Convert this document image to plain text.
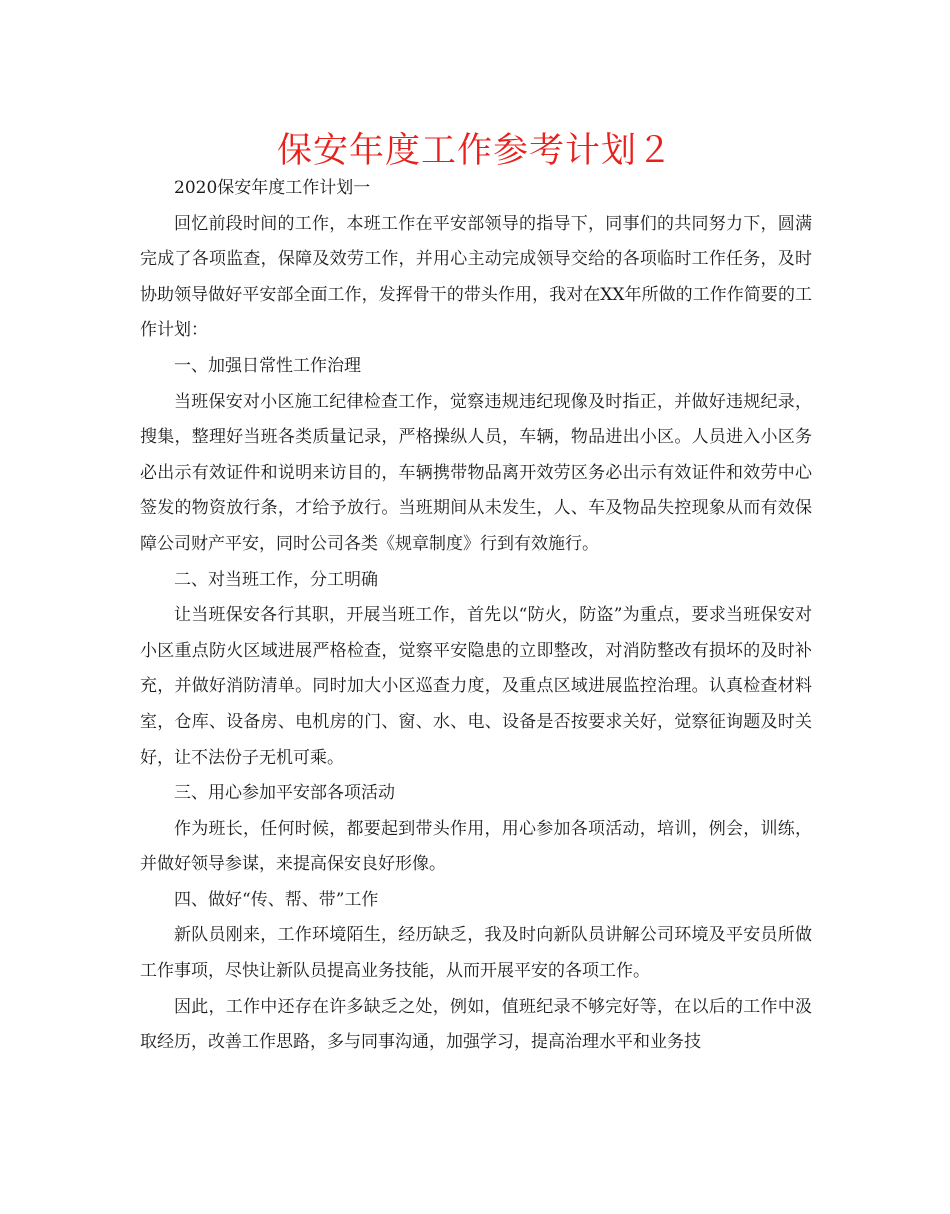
保安年度工作参考计划２

2020保安年度工作计划一

回忆前段时间的工作，本班工作在平安部领导的指导下，同事们的共同努力下，圆满完成了各项监查，保障及效劳工作，并用心主动完成领导交给的各项临时工作任务，及时协助领导做好平安部全面工作，发挥骨干的带头作用，我对在XX年所做的工作作简要的工作计划：

一、加强日常性工作治理

当班保安对小区施工纪律检查工作，觉察违规违纪现像及时指正，并做好违规纪录，搜集，整理好当班各类质量记录，严格操纵人员，车辆，物品进出小区。人员进入小区务必出示有效证件和说明来访目的，车辆携带物品离开效劳区务必出示有效证件和效劳中心签发的物资放行条，才给予放行。当班期间从未发生，人、车及物品失控现象从而有效保障公司财产平安，同时公司各类《规章制度》行到有效施行。

二、对当班工作，分工明确

让当班保安各行其职，开展当班工作，首先以“防火，防盗”为重点，要求当班保安对小区重点防火区域进展严格检查，觉察平安隐患的立即整改，对消防整改有损坏的及时补充，并做好消防清单。同时加大小区巡查力度，及重点区域进展监控治理。认真检查材料室，仓库、设备房、电机房的门、窗、水、电、设备是否按要求关好，觉察征询题及时关好，让不法份子无机可乘。

三、用心参加平安部各项活动

作为班长，任何时候，都要起到带头作用，用心参加各项活动，培训，例会，训练，并做好领导参谋，来提高保安良好形像。

四、做好“传、帮、带”工作

新队员刚来，工作环境陌生，经历缺乏，我及时向新队员讲解公司环境及平安员所做工作事项，尽快让新队员提高业务技能，从而开展平安的各项工作。

因此，工作中还存在许多缺乏之处，例如，值班纪录不够完好等，在以后的工作中汲取经历，改善工作思路，多与同事沟通，加强学习，提高治理水平和业务技
